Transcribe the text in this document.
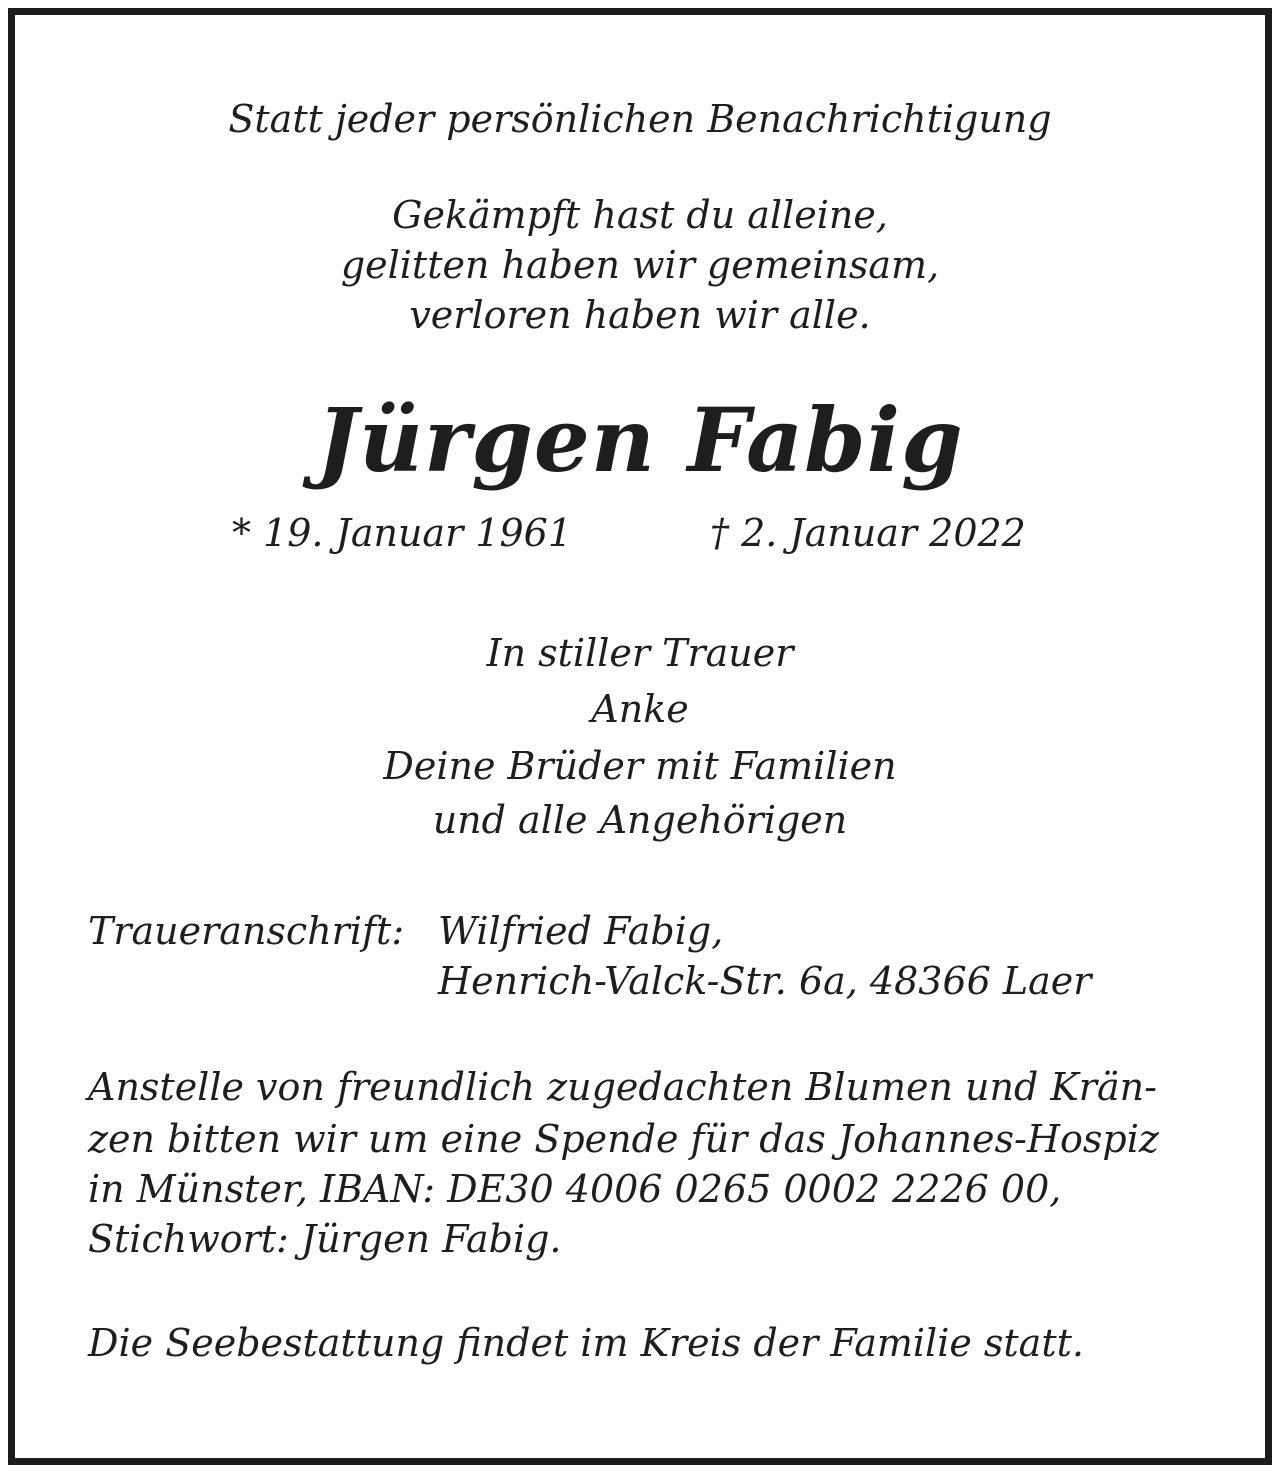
Statt jeder persönlichen Benachrichtigung

Gekämpft hast du alleine,

gelitten haben wir gemeinsam,

verloren haben wir alle.

Jürgen Fabig

* 19. Januar 1961	† 2. Januar 2022

In stiller Trauer

Anke

Deine Brüder mit Familien

und alle Angehörigen

Traueranschrift: Wilfried Fabig,

Henrich-Valck-Str. 6a, 48366 Laer

Anstelle von freundlich zugedachten Blumen und Krän-

zen bitten wir um eine Spende für das Johannes-Hospiz

in Münster, IBAN: DE30 4006 0265 0002 2226 00,

Stichwort: Jürgen Fabig.

Die Seebestattung findet im Kreis der Familie statt.
